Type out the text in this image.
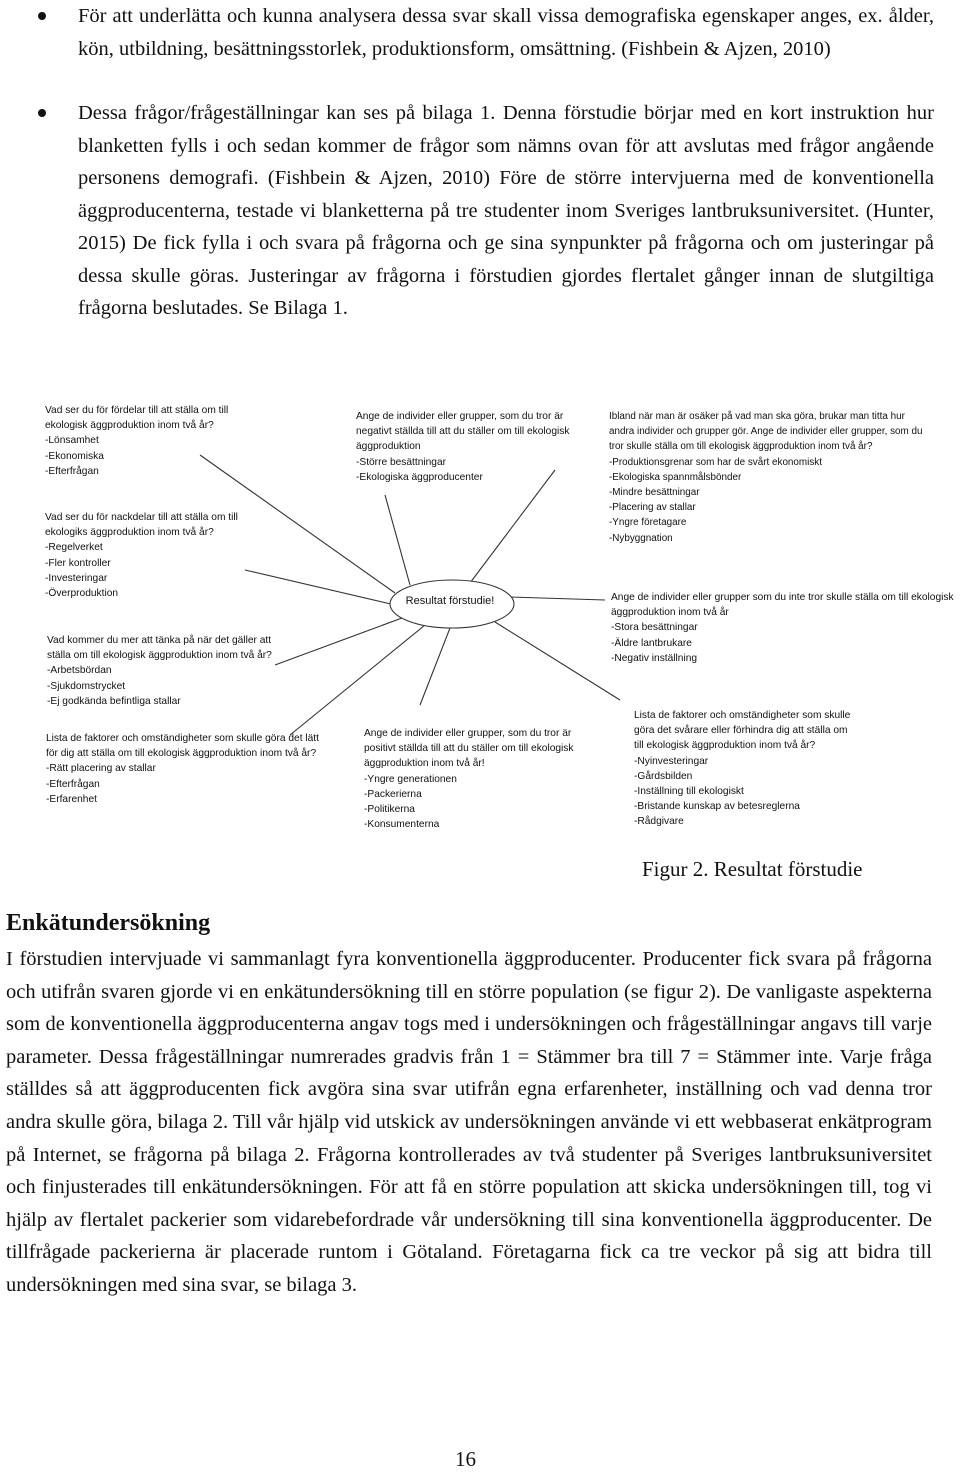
För att underlätta och kunna analysera dessa svar skall vissa demografiska egenskaper anges, ex. ålder, kön, utbildning, besättningsstorlek, produktionsform, omsättning. (Fishbein & Ajzen, 2010)

Dessa frågor/frågeställningar kan ses på bilaga 1. Denna förstudie börjar med en kort instruktion hur blanketten fylls i och sedan kommer de frågor som nämns ovan för att avslutas med frågor angående personens demografi. (Fishbein & Ajzen, 2010) Före de större intervjuerna med de konventionella äggproducenterna, testade vi blanketterna på tre studenter inom Sveriges lantbruksuniversitet. (Hunter, 2015) De fick fylla i och svara på frågorna och ge sina synpunkter på frågorna och om justeringar på dessa skulle göras. Justeringar av frågorna i förstudien gjordes flertalet gånger innan de slutgiltiga frågorna beslutades. Se Bilaga 1.

Resultat förstudie!
Vad ser du för fördelar till att ställa om till
ekologisk äggproduktion inom två år?
-Lönsamhet
-Ekonomiska
-Efterfrågan
Ange de individer eller grupper, som du tror är
negativt ställda till att du ställer om till ekologisk
äggproduktion
-Större besättningar
-Ekologiska äggproducenter
Ibland när man är osäker på vad man ska göra, brukar man titta hur
andra individer och grupper gör. Ange de individer eller grupper, som du
tror skulle ställa om till ekologisk äggproduktion inom två år?
-Produktionsgrenar som har de svårt ekonomiskt
-Ekologiska spannmålsbönder
-Mindre besättningar
-Placering av stallar
-Yngre företagare
-Nybyggnation
Vad ser du för nackdelar till att ställa om till
ekologiks äggproduktion inom två år?
-Regelverket
-Fler kontroller
-Investeringar
-Överproduktion	Ange de individer eller grupper som du inte tror skulle ställa om till ekologisk
äggproduktion inom två år
-Stora besättningar
-Äldre lantbrukare
-Negativ inställning
Vad kommer du mer att tänka på när det gäller att
ställa om till ekologisk äggproduktion inom två år?
-Arbetsbördan
-Sjukdomstrycket
-Ej godkända befintliga stallar
Lista de faktorer och omständigheter som skulle göra det lätt
för dig att ställa om till ekologisk äggproduktion inom två år?
-Rätt placering av stallar
-Efterfrågan
-Erfarenhet
Ange de individer eller grupper, som du tror är
positivt ställda till att du ställer om till ekologisk
äggproduktion inom två år!
-Yngre generationen
-Packerierna
-Politikerna
-Konsumenterna
Lista de faktorer och omständigheter som skulle
göra det svårare eller förhindra dig att ställa om
till ekologisk äggproduktion inom två år?
-Nyinvesteringar
-Gårdsbilden
-Inställning till ekologiskt
-Bristande kunskap av betesreglerna
-Rådgivare
Figur 2. Resultat förstudie
Enkätundersökning

I förstudien intervjuade vi sammanlagt fyra konventionella äggproducenter. Producenter fick svara på frågorna och utifrån svaren gjorde vi en enkätundersökning till en större population (se figur 2). De vanligaste aspekterna som de konventionella äggproducenterna angav togs med i undersökningen och frågeställningar angavs till varje parameter. Dessa frågeställningar numrerades gradvis från 1 = Stämmer bra till 7 = Stämmer inte. Varje fråga ställdes så att äggproducenten fick avgöra sina svar utifrån egna erfarenheter, inställning och vad denna tror andra skulle göra, bilaga 2. Till vår hjälp vid utskick av undersökningen använde vi ett webbaserat enkätprogram på Internet, se frågorna på bilaga 2. Frågorna kontrollerades av två studenter på Sveriges lantbruksuniversitet och finjusterades till enkätundersökningen. För att få en större population att skicka undersökningen till, tog vi hjälp av flertalet packerier som vidarebefordrade vår undersökning till sina konventionella äggproducenter. De tillfrågade packerierna är placerade runtom i Götaland. Företagarna fick ca tre veckor på sig att bidra till undersökningen med sina svar, se bilaga 3.

16
